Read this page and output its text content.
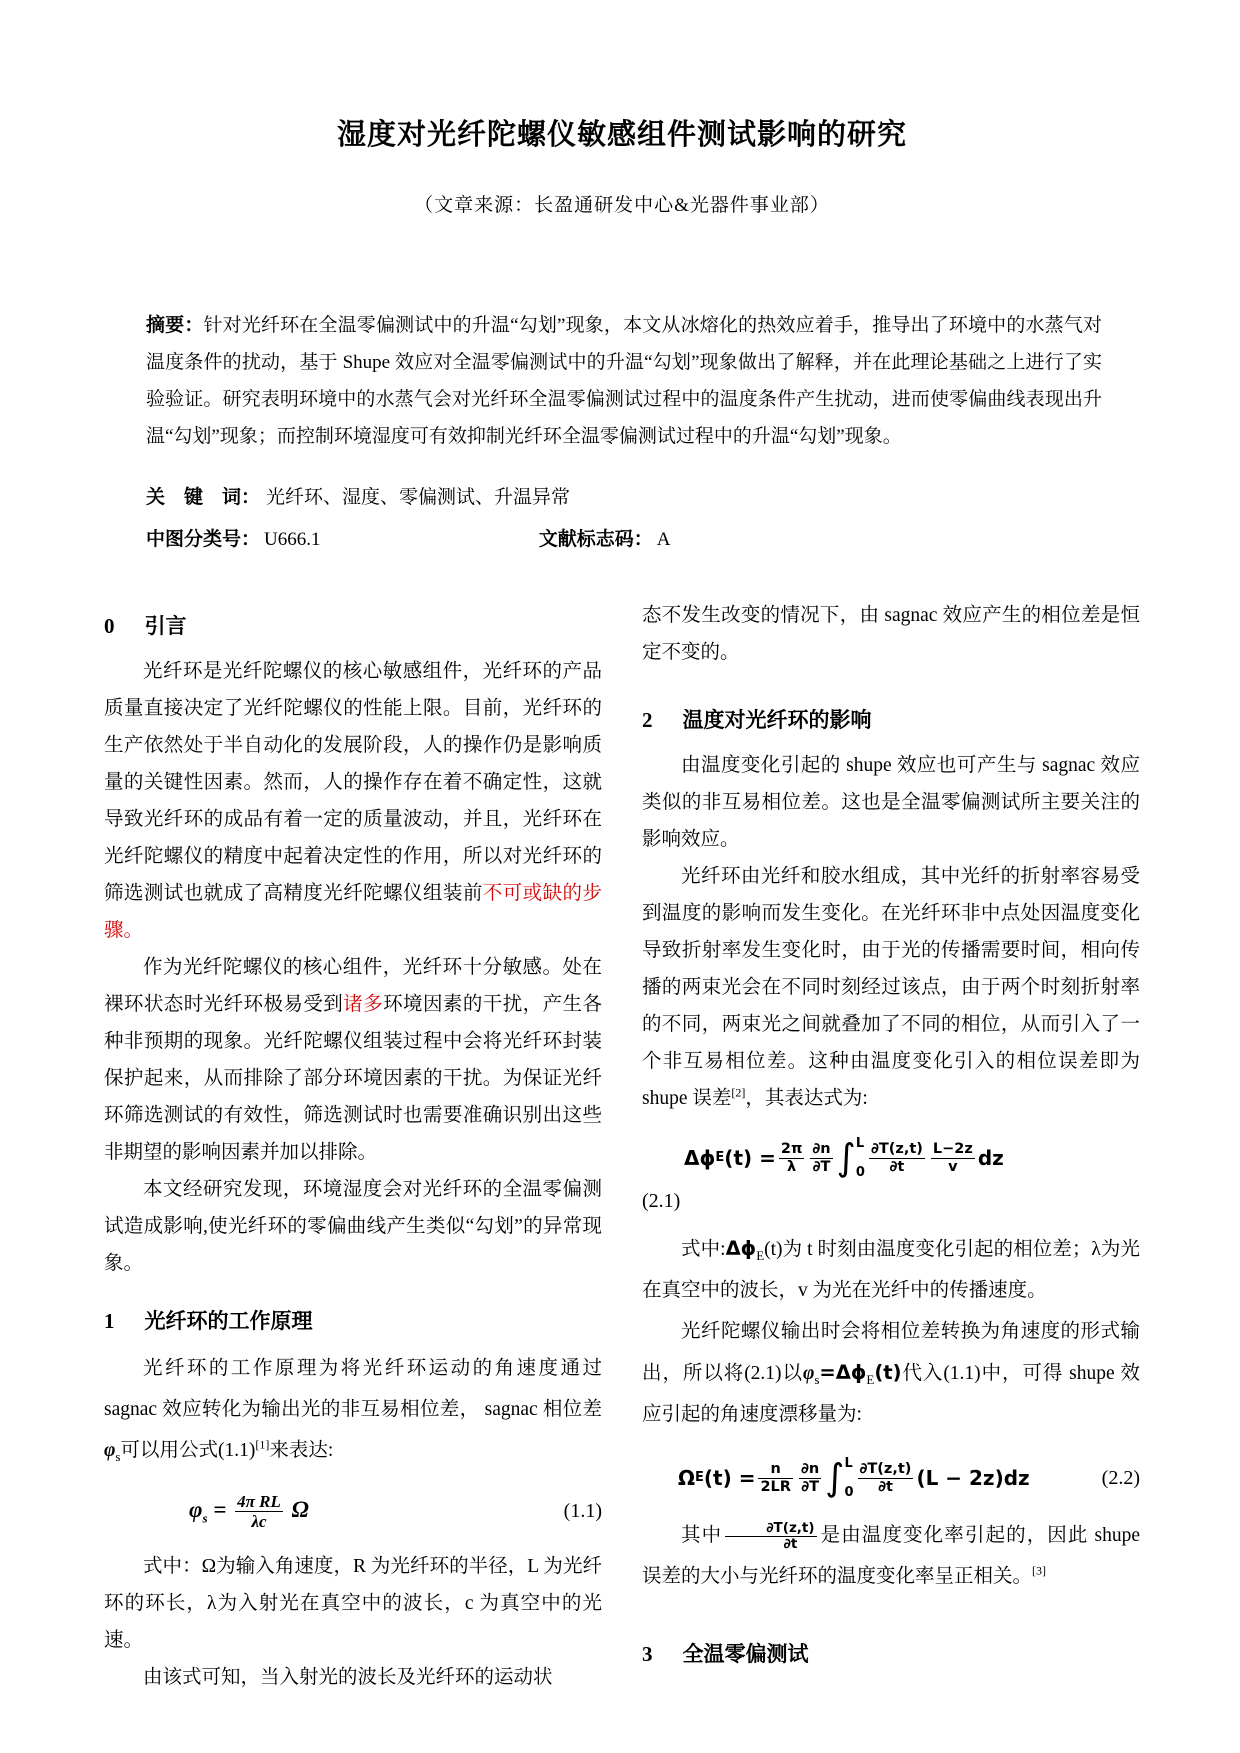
湿度对光纤陀螺仪敏感组件测试影响的研究
（文章来源：长盈通研发中心&光器件事业部）
摘要：针对光纤环在全温零偏测试中的升温“勾划”现象，本文从冰熔化的热效应着手，推导出了环境中的水蒸气对温度条件的扰动，基于 Shupe 效应对全温零偏测试中的升温“勾划”现象做出了解释，并在此理论基础之上进行了实验验证。研究表明环境中的水蒸气会对光纤环全温零偏测试过程中的温度条件产生扰动，进而使零偏曲线表现出升温“勾划”现象；而控制环境湿度可有效抑制光纤环全温零偏测试过程中的升温“勾划”现象。
关　键　词： 光纤环、湿度、零偏测试、升温异常
中图分类号： U666.1	文献标志码： A
0 引言

光纤环是光纤陀螺仪的核心敏感组件，光纤环的产品质量直接决定了光纤陀螺仪的性能上限。目前，光纤环的生产依然处于半自动化的发展阶段，人的操作仍是影响质量的关键性因素。然而，人的操作存在着不确定性，这就导致光纤环的成品有着一定的质量波动，并且，光纤环在光纤陀螺仪的精度中起着决定性的作用，所以对光纤环的筛选测试也就成了高精度光纤陀螺仪组装前不可或缺的步骤。

作为光纤陀螺仪的核心组件，光纤环十分敏感。处在裸环状态时光纤环极易受到诸多环境因素的干扰，产生各种非预期的现象。光纤陀螺仪组装过程中会将光纤环封装保护起来，从而排除了部分环境因素的干扰。为保证光纤环筛选测试的有效性，筛选测试时也需要准确识别出这些非期望的影响因素并加以排除。

本文经研究发现，环境湿度会对光纤环的全温零偏测试造成影响,使光纤环的零偏曲线产生类似“勾划”的异常现象。

1 光纤环的工作原理

光纤环的工作原理为将光纤环运动的角速度通过 sagnac 效应转化为输出光的非互易相位差， sagnac 相位差$\varphi_s$可以用公式(1.1)[1]来表达:

$\varphi_s = \frac{\text{4π RL}}{\lambda c}$ Ω	(1.1)

式中：Ω为输入角速度，R 为光纤环的半径，L 为光纤环的环长，λ为入射光在真空中的波长，c 为真空中的光速。

由该式可知，当入射光的波长及光纤环的运动状

态不发生改变的情况下，由 sagnac 效应产生的相位差是恒定不变的。

2 温度对光纤环的影响

由温度变化引起的 shupe 效应也可产生与 sagnac 效应类似的非互易相位差。这也是全温零偏测试所主要关注的影响效应。

光纤环由光纤和胶水组成，其中光纤的折射率容易受到温度的影响而发生变化。在光纤环非中点处因温度变化导致折射率发生变化时，由于光的传播需要时间，相向传播的两束光会在不同时刻经过该点，由于两个时刻折射率的不同，两束光之间就叠加了不同的相位，从而引入了一个非互易相位差。这种由温度变化引入的相位误差即为 shupe 误差[2]，其表达式为:

Δϕ E $(t) = \frac{2\pi}{\lambda} \frac{\partial n}{\partial T}$ ∫ L
$0 \frac{\partial T(z,t)}{\partial t} \frac{L-2z}{v}$ dz
(2.1)

式中$:\Delta\phi_E(t)$为 t 时刻由温度变化引起的相位差；λ为光在真空中的波长，v 为光在光纤中的传播速度。

光纤陀螺仪输出时会将相位差转换为角速度的形式输出，所以将(2.1)以$\varphi_s=\Delta\phi_E(t)$代入(1.1)中，可得 shupe 效应引起的角速度漂移量为:

Ω E $(t) = \frac{n}{2LR} \frac{\partial n}{\partial T}$ ∫ L
$0 \frac{\partial T(z,t)}{\partial t} (L - 2z)dz$	(2.2)

其中 $\frac{\partial T(z,t)}{\partial t}$ 是由温度变化率引起的，因此 shupe 误差的大小与光纤环的温度变化率呈正相关。[3]

3 全温零偏测试
